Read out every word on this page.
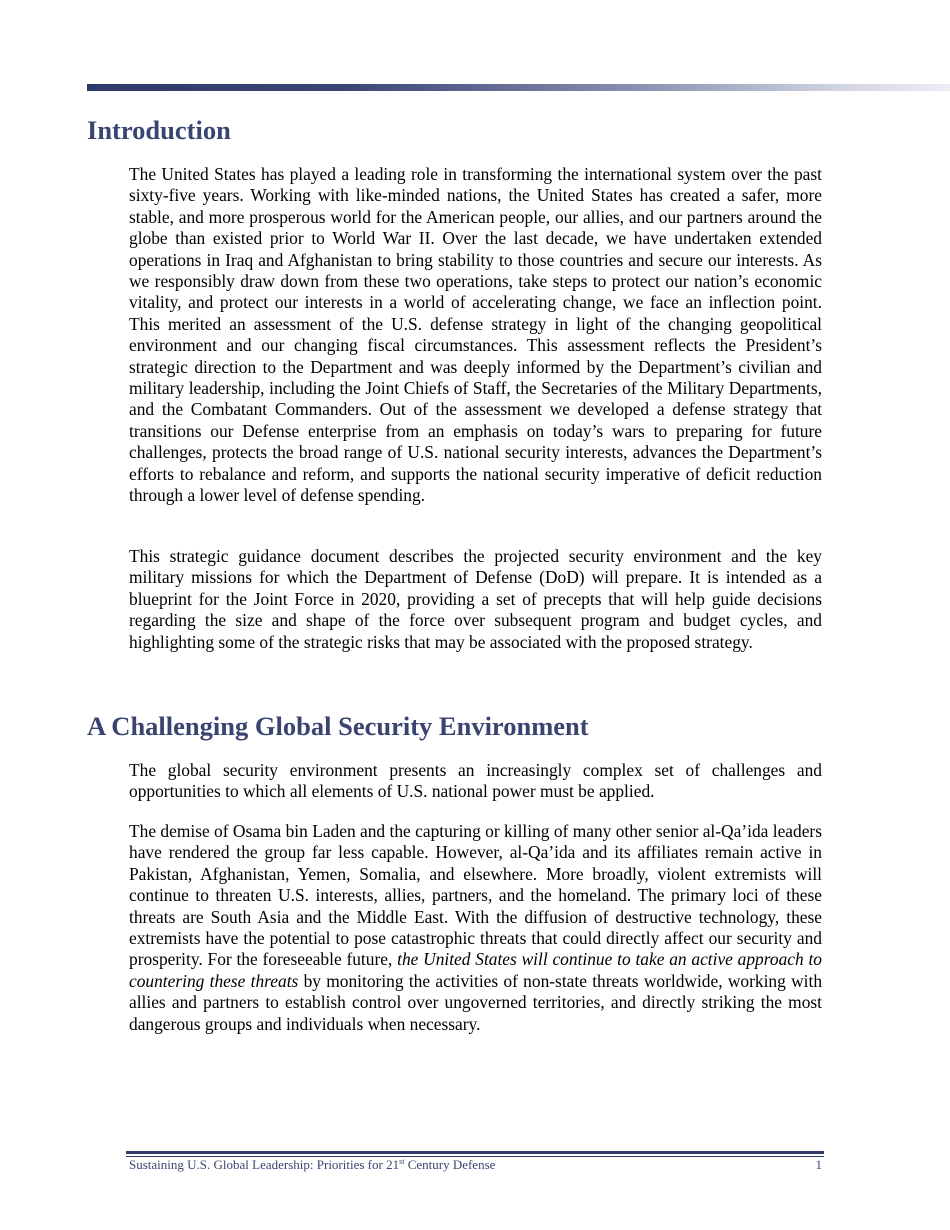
Introduction

The United States has played a leading role in transforming the international system over the past sixty-five years. Working with like-minded nations, the United States has created a safer, more stable, and more prosperous world for the American people, our allies, and our partners around the globe than existed prior to World War II. Over the last decade, we have undertaken extended operations in Iraq and Afghanistan to bring stability to those countries and secure our interests. As we responsibly draw down from these two operations, take steps to protect our nation’s economic vitality, and protect our interests in a world of accelerating change, we face an inflection point. This merited an assessment of the U.S. defense strategy in light of the changing geopolitical environment and our changing fiscal circumstances. This assessment reflects the President’s strategic direction to the Department and was deeply informed by the Department’s civilian and military leadership, including the Joint Chiefs of Staff, the Secretaries of the Military Departments, and the Combatant Commanders. Out of the assessment we developed a defense strategy that transitions our Defense enterprise from an emphasis on today’s wars to preparing for future challenges, protects the broad range of U.S. national security interests, advances the Department’s efforts to rebalance and reform, and supports the national security imperative of deficit reduction through a lower level of defense spending.

This strategic guidance document describes the projected security environment and the key military missions for which the Department of Defense (DoD) will prepare. It is intended as a blueprint for the Joint Force in 2020, providing a set of precepts that will help guide decisions regarding the size and shape of the force over subsequent program and budget cycles, and highlighting some of the strategic risks that may be associated with the proposed strategy.

A Challenging Global Security Environment

The global security environment presents an increasingly complex set of challenges and opportunities to which all elements of U.S. national power must be applied.

The demise of Osama bin Laden and the capturing or killing of many other senior al-Qa’ida leaders have rendered the group far less capable. However, al-Qa’ida and its affiliates remain active in Pakistan, Afghanistan, Yemen, Somalia, and elsewhere. More broadly, violent extremists will continue to threaten U.S. interests, allies, partners, and the homeland. The primary loci of these threats are South Asia and the Middle East. With the diffusion of destructive technology, these extremists have the potential to pose catastrophic threats that could directly affect our security and prosperity. For the foreseeable future, the United States will continue to take an active approach to countering these threats by monitoring the activities of non-state threats worldwide, working with allies and partners to establish control over ungoverned territories, and directly striking the most dangerous groups and individuals when necessary.

Sustaining U.S. Global Leadership: Priorities for 21st Century Defense	1
